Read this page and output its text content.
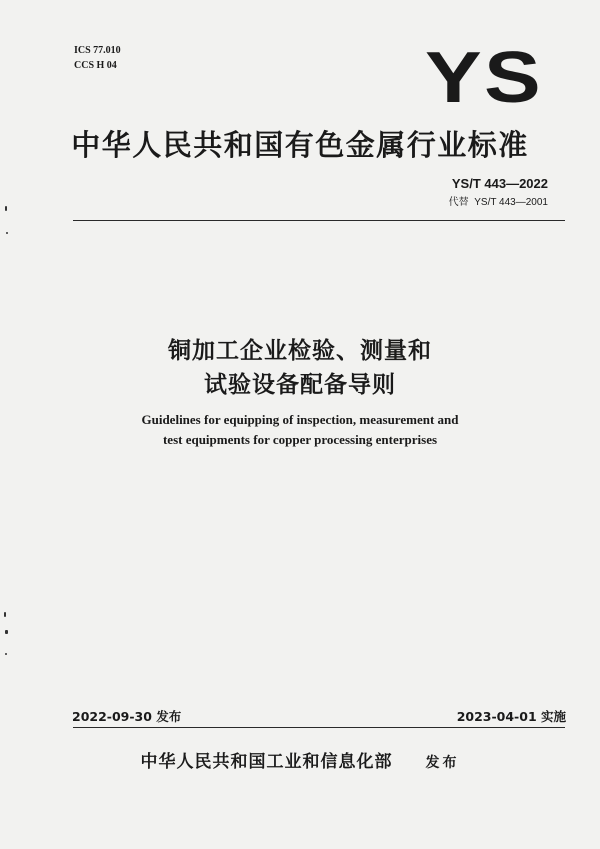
ICS 77.010
CCS H 04	YS
中华人民共和国有色金属行业标准
YS/T 443—2022
代替 YS/T 443—2001
铜加工企业检验、测量和
试验设备配备导则
Guidelines for equipping of inspection, measurement and
test equipments for copper processing enterprises
2022-09-30 发布	2023-04-01 实施
中华人民共和国工业和信息化部 发布
